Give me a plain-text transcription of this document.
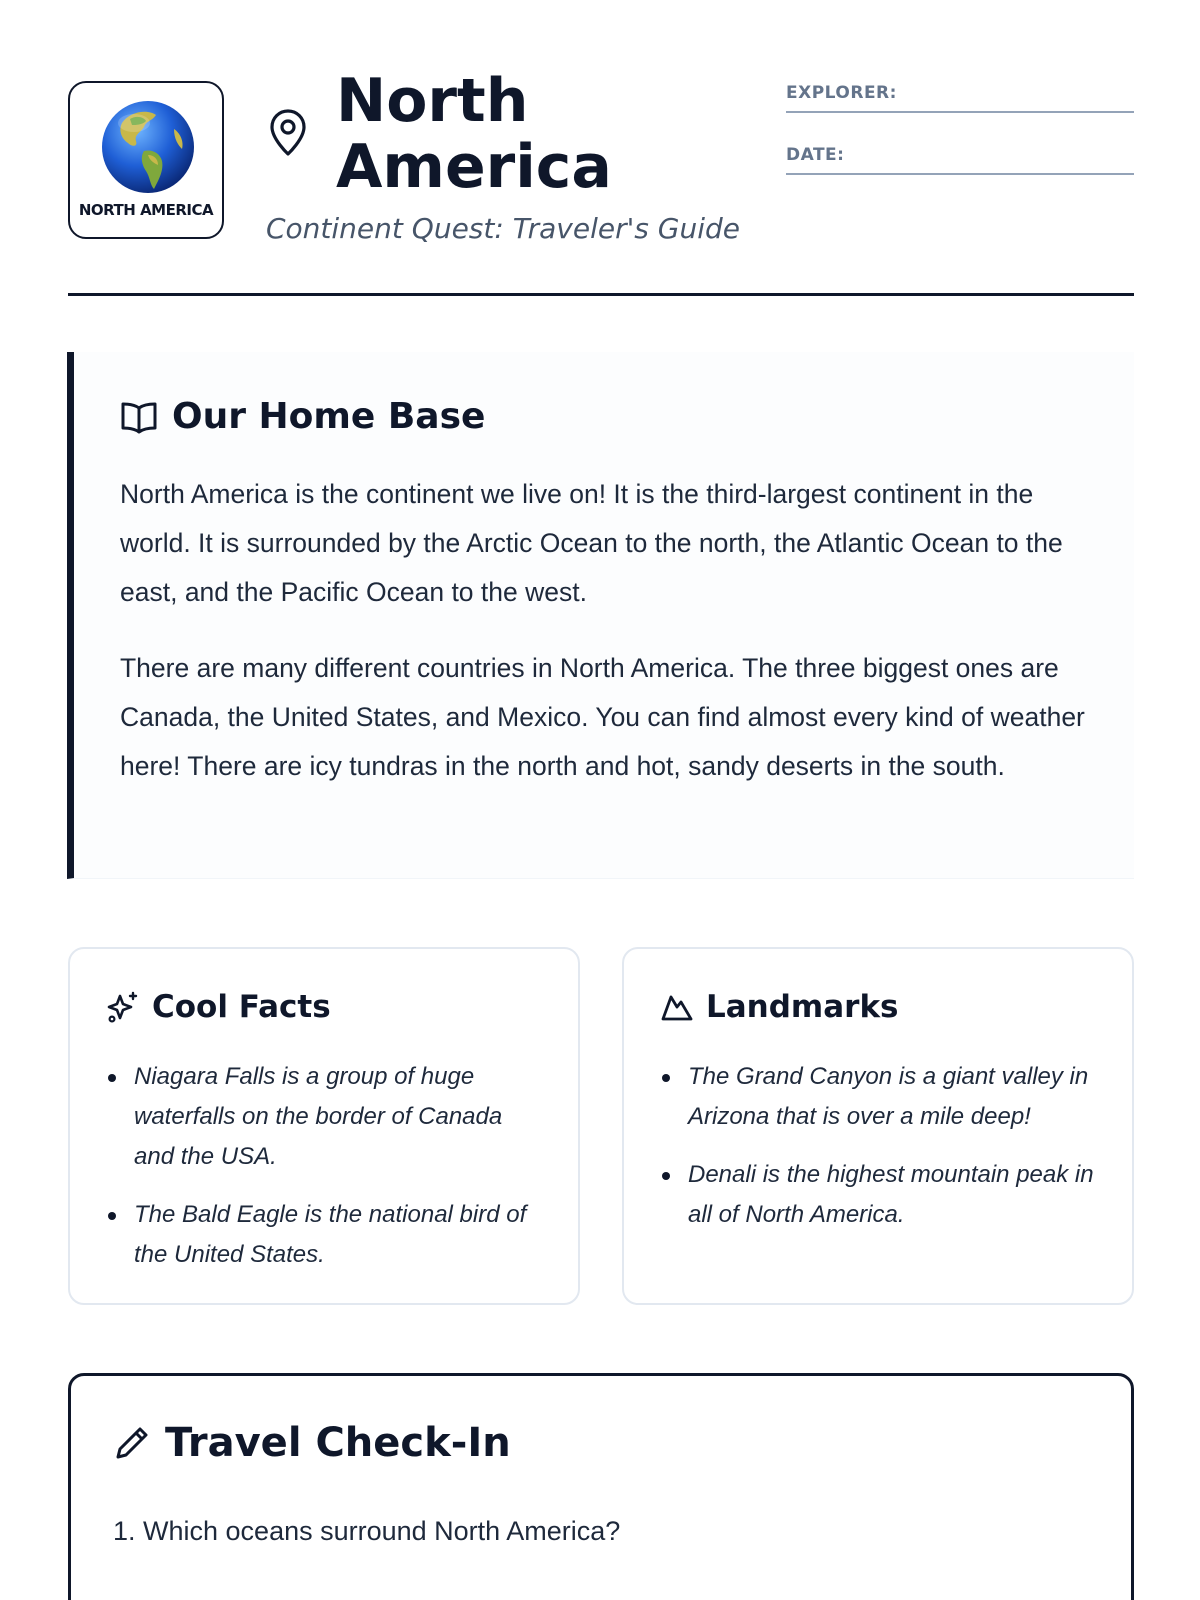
NORTH AMERICA
North
America
Continent Quest: Traveler's Guide
EXPLORER:
DATE:
Our Home Base

North America is the continent we live on! It is the third-largest continent in the world. It is surrounded by the Arctic Ocean to the north, the Atlantic Ocean to the east, and the Pacific Ocean to the west.

There are many different countries in North America. The three biggest ones are Canada, the United States, and Mexico. You can find almost every kind of weather here! There are icy tundras in the north and hot, sandy deserts in the south.

Cool Facts
Niagara Falls is a group of huge waterfalls on the border of Canada and the USA.
The Bald Eagle is the national bird of the United States.
Landmarks
The Grand Canyon is a giant valley in Arizona that is over a mile deep!
Denali is the highest mountain peak in all of North America.
Travel Check-In
1. Which oceans surround North America?
